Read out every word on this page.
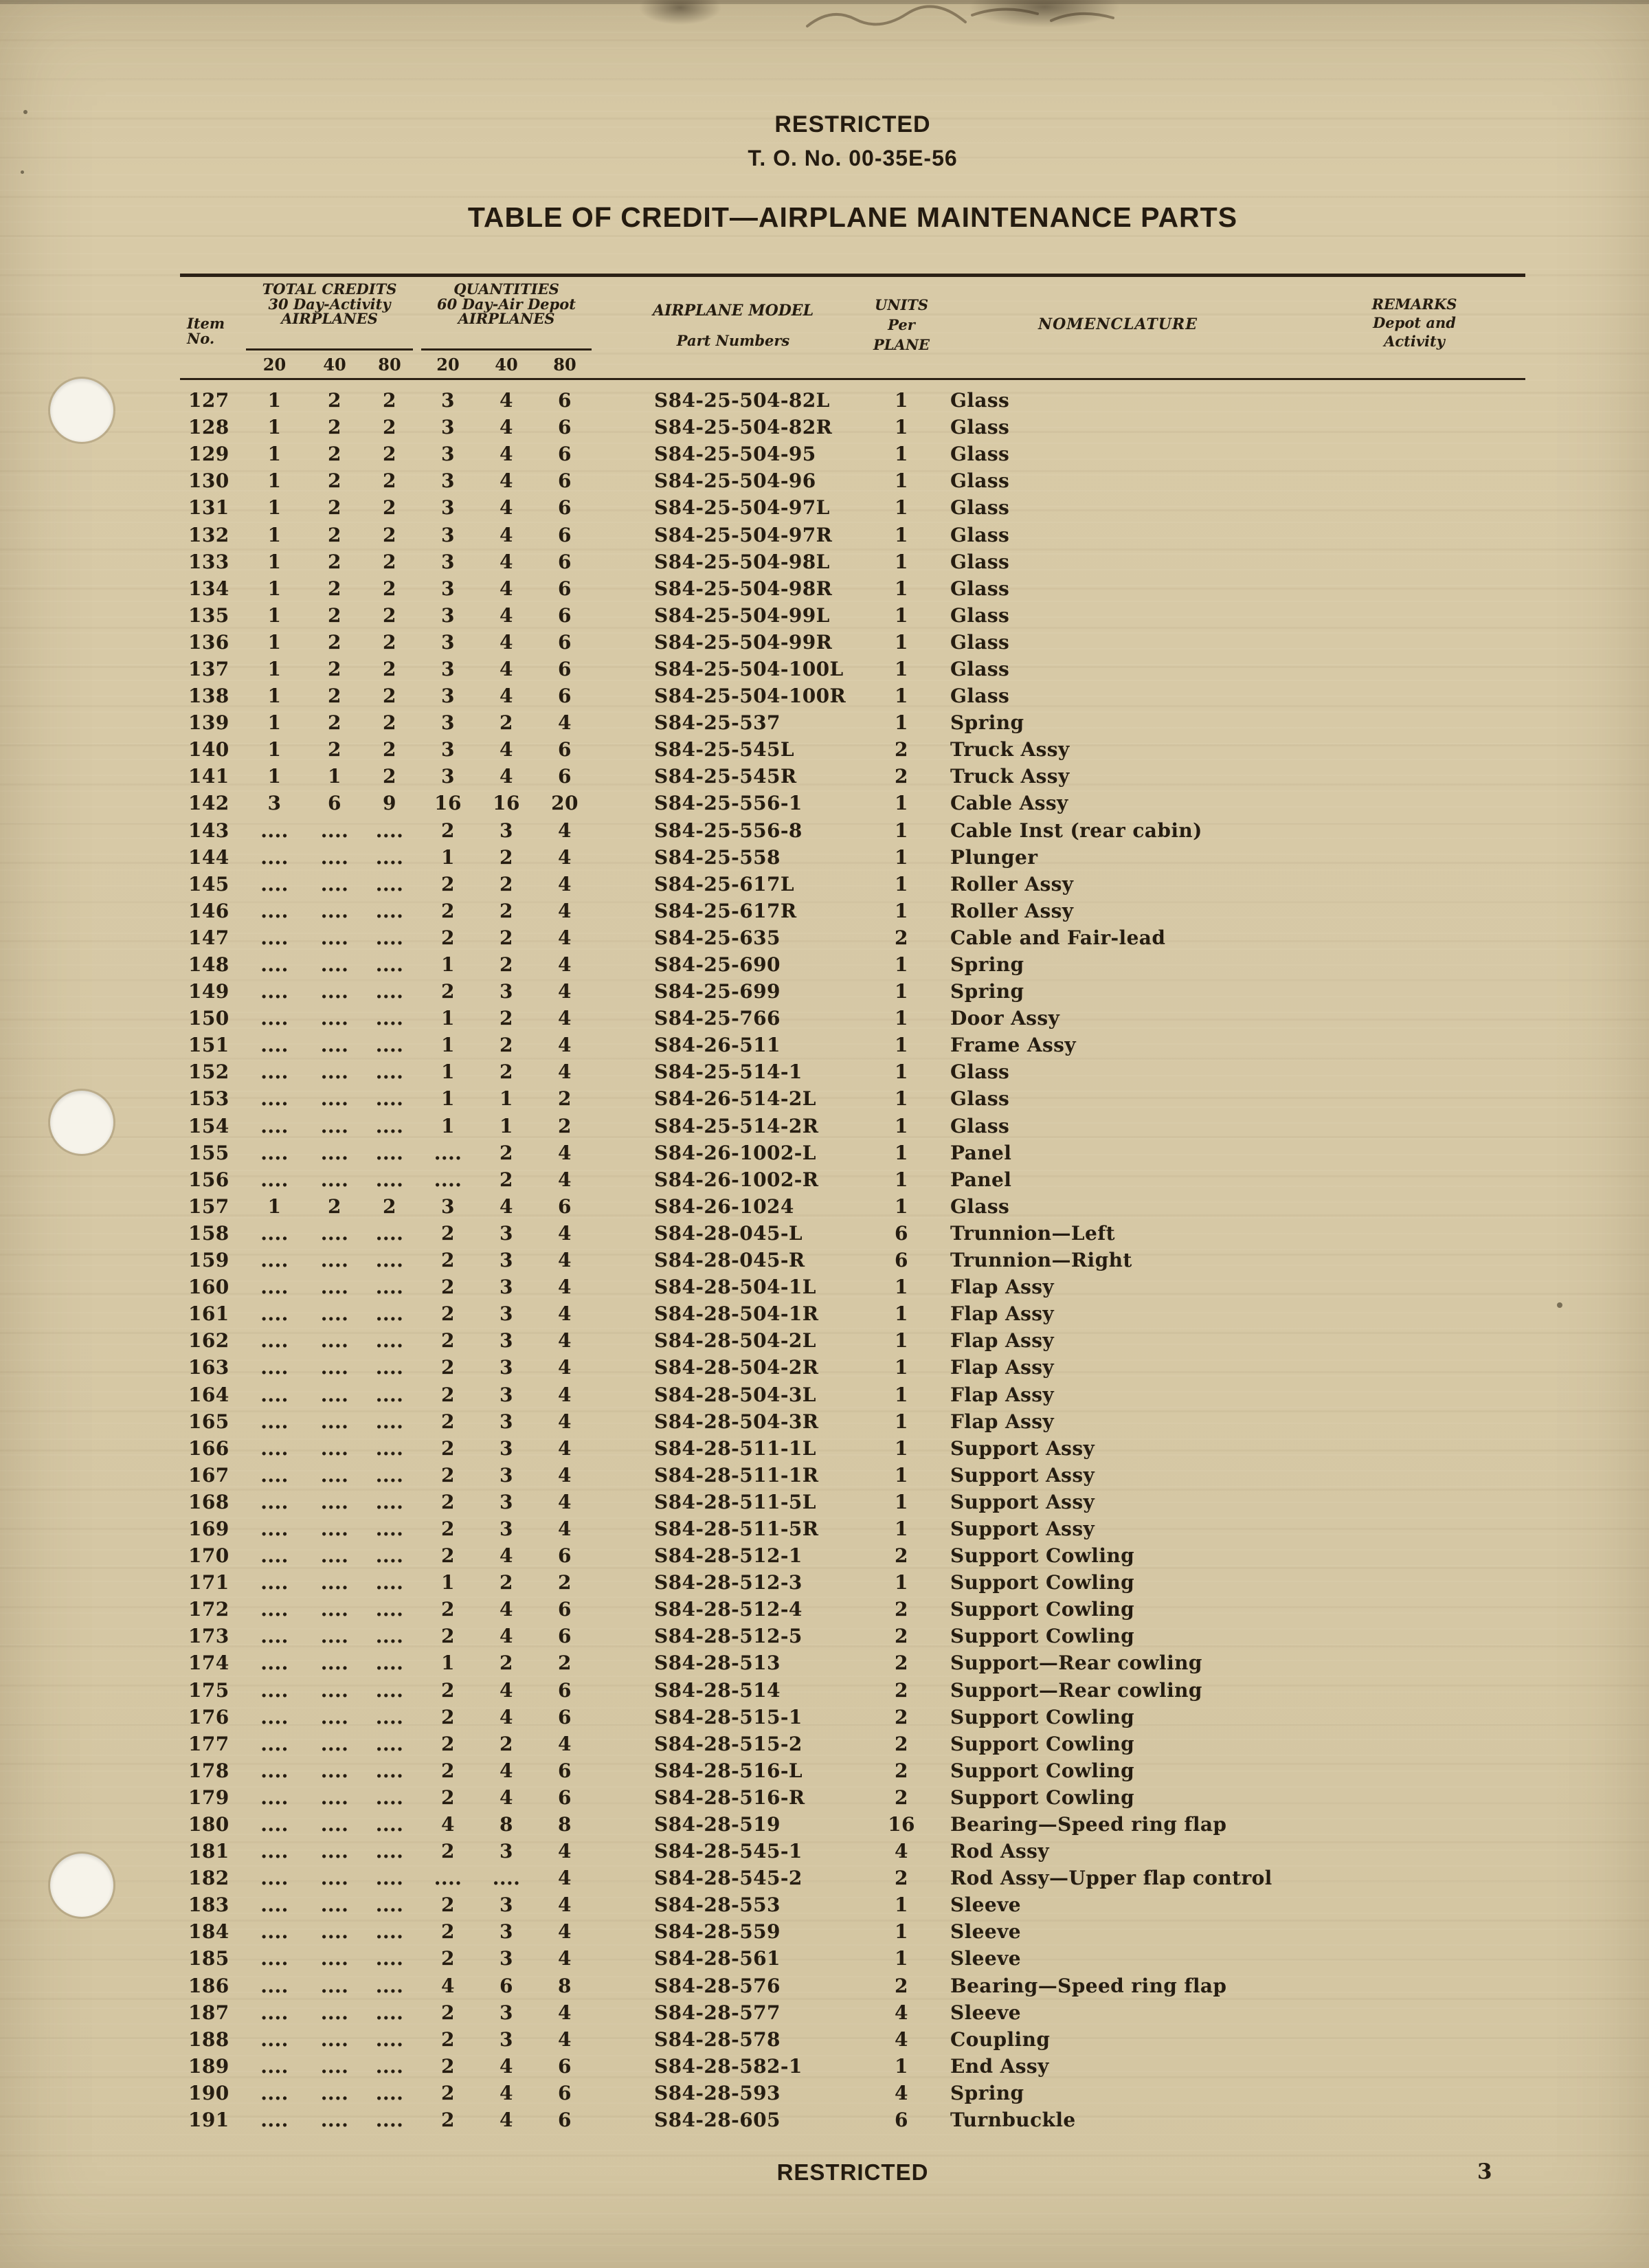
RESTRICTED
T. O. No. 00-35E-56
TABLE OF CREDIT—AIRPLANE MAINTENANCE PARTS
Item
No.
TOTAL CREDITS
30 Day-Activity
AIRPLANES
20	40	80
QUANTITIES
60 Day-Air Depot
AIRPLANES
20	40	80
AIRPLANE MODEL
Part Numbers
UNITS
Per
PLANE
NOMENCLATURE
REMARKS
Depot and
Activity
127	1	2	2	3	4	6	S84-25-504-82L	1	Glass
128	1	2	2	3	4	6	S84-25-504-82R	1	Glass
129	1	2	2	3	4	6	S84-25-504-95	1	Glass
130	1	2	2	3	4	6	S84-25-504-96	1	Glass
131	1	2	2	3	4	6	S84-25-504-97L	1	Glass
132	1	2	2	3	4	6	S84-25-504-97R	1	Glass
133	1	2	2	3	4	6	S84-25-504-98L	1	Glass
134	1	2	2	3	4	6	S84-25-504-98R	1	Glass
135	1	2	2	3	4	6	S84-25-504-99L	1	Glass
136	1	2	2	3	4	6	S84-25-504-99R	1	Glass
137	1	2	2	3	4	6	S84-25-504-100L	1	Glass
138	1	2	2	3	4	6	S84-25-504-100R	1	Glass
139	1	2	2	3	2	4	S84-25-537	1	Spring
140	1	2	2	3	4	6	S84-25-545L	2	Truck Assy
141	1	1	2	3	4	6	S84-25-545R	2	Truck Assy
142	3	6	9	16	16	20	S84-25-556-1	1	Cable Assy
143	....	....	....	2	3	4	S84-25-556-8	1	Cable Inst (rear cabin)
144	....	....	....	1	2	4	S84-25-558	1	Plunger
145	....	....	....	2	2	4	S84-25-617L	1	Roller Assy
146	....	....	....	2	2	4	S84-25-617R	1	Roller Assy
147	....	....	....	2	2	4	S84-25-635	2	Cable and Fair-lead
148	....	....	....	1	2	4	S84-25-690	1	Spring
149	....	....	....	2	3	4	S84-25-699	1	Spring
150	....	....	....	1	2	4	S84-25-766	1	Door Assy
151	....	....	....	1	2	4	S84-26-511	1	Frame Assy
152	....	....	....	1	2	4	S84-25-514-1	1	Glass
153	....	....	....	1	1	2	S84-26-514-2L	1	Glass
154	....	....	....	1	1	2	S84-25-514-2R	1	Glass
155	....	....	....	....	2	4	S84-26-1002-L	1	Panel
156	....	....	....	....	2	4	S84-26-1002-R	1	Panel
157	1	2	2	3	4	6	S84-26-1024	1	Glass
158	....	....	....	2	3	4	S84-28-045-L	6	Trunnion—Left
159	....	....	....	2	3	4	S84-28-045-R	6	Trunnion—Right
160	....	....	....	2	3	4	S84-28-504-1L	1	Flap Assy
161	....	....	....	2	3	4	S84-28-504-1R	1	Flap Assy
162	....	....	....	2	3	4	S84-28-504-2L	1	Flap Assy
163	....	....	....	2	3	4	S84-28-504-2R	1	Flap Assy
164	....	....	....	2	3	4	S84-28-504-3L	1	Flap Assy
165	....	....	....	2	3	4	S84-28-504-3R	1	Flap Assy
166	....	....	....	2	3	4	S84-28-511-1L	1	Support Assy
167	....	....	....	2	3	4	S84-28-511-1R	1	Support Assy
168	....	....	....	2	3	4	S84-28-511-5L	1	Support Assy
169	....	....	....	2	3	4	S84-28-511-5R	1	Support Assy
170	....	....	....	2	4	6	S84-28-512-1	2	Support Cowling
171	....	....	....	1	2	2	S84-28-512-3	1	Support Cowling
172	....	....	....	2	4	6	S84-28-512-4	2	Support Cowling
173	....	....	....	2	4	6	S84-28-512-5	2	Support Cowling
174	....	....	....	1	2	2	S84-28-513	2	Support—Rear cowling
175	....	....	....	2	4	6	S84-28-514	2	Support—Rear cowling
176	....	....	....	2	4	6	S84-28-515-1	2	Support Cowling
177	....	....	....	2	2	4	S84-28-515-2	2	Support Cowling
178	....	....	....	2	4	6	S84-28-516-L	2	Support Cowling
179	....	....	....	2	4	6	S84-28-516-R	2	Support Cowling
180	....	....	....	4	8	8	S84-28-519	16	Bearing—Speed ring flap
181	....	....	....	2	3	4	S84-28-545-1	4	Rod Assy
182	....	....	....	....	....	4	S84-28-545-2	2	Rod Assy—Upper flap control
183	....	....	....	2	3	4	S84-28-553	1	Sleeve
184	....	....	....	2	3	4	S84-28-559	1	Sleeve
185	....	....	....	2	3	4	S84-28-561	1	Sleeve
186	....	....	....	4	6	8	S84-28-576	2	Bearing—Speed ring flap
187	....	....	....	2	3	4	S84-28-577	4	Sleeve
188	....	....	....	2	3	4	S84-28-578	4	Coupling
189	....	....	....	2	4	6	S84-28-582-1	1	End Assy
190	....	....	....	2	4	6	S84-28-593	4	Spring
191	....	....	....	2	4	6	S84-28-605	6	Turnbuckle
RESTRICTED	3
